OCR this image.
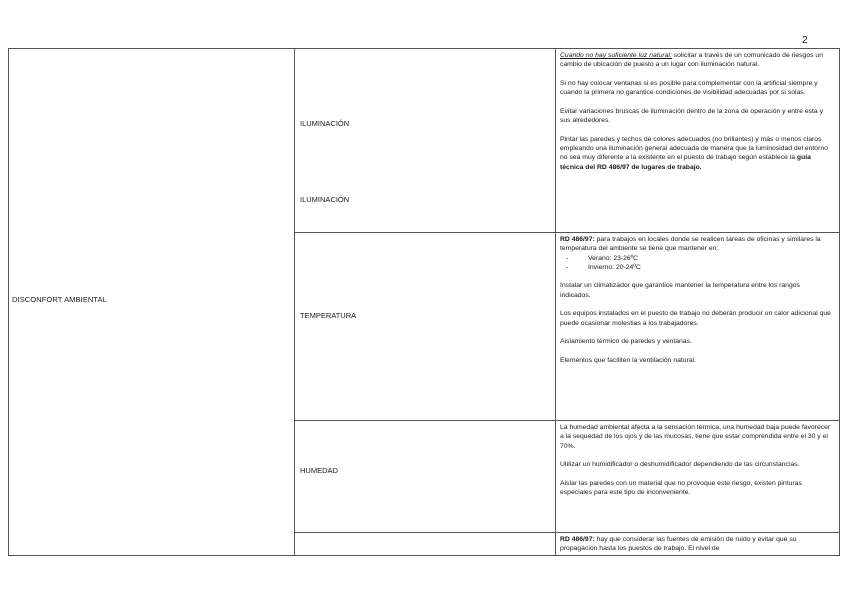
2
DISCONFORT AMBIENTAL
ILUMINACIÓN
ILUMINACIÓN
TEMPERATURA
HUMEDAD

Cuando no hay suficiente luz natural: solicitar a través de un comunicado de riesgos un cambio de ubicación de puesto a un lugar con iluminación natural.

Si no hay colocar ventanas si es posible para complementar con la artificial siempre y cuando la primera no garantice condiciones de visibilidad adecuadas por si solas.

Evitar variaciones bruscas de iluminación dentro de la zona de operación y entre esta y sus alrededores.

Pintar las paredes y techos de colores adecuados (no brillantes) y más o menos claros empleando una iluminación general adecuada de manera que la luminosidad del entorno no sea muy diferente a la existente en el puesto de trabajo según establece la guía técnica del RD 486/97 de lugares de trabajo.

RD 486/97: para trabajos en locales donde se realicen tareas de oficinas y similares la temperatura del ambiente se tiene que mantener en:

-	Verano: 23-26ºC
-	Invierno: 20-24ºC

Instalar un climatizador que garantice mantener la temperatura entre los rangos indicados.

Los equipos instalados en el puesto de trabajo no deberán producir un calor adicional que puede ocasionar molestias a los trabajadores.

Aislamiento térmico de paredes y ventanas.

Elementos que faciliten la ventilación natural.

La humedad ambiental afecta a la sensación térmica, una humedad baja puede favorecer a la sequedad de los ojos y de las mucosas, tiene que estar comprendida entre el 30 y el 70%.

Utilizar un humidificador o deshumidificador dependiendo de las circunstancias.

Aislar las paredes con un material que no provoque este riesgo, existen pinturas especiales para este tipo de inconveniente.

RD 486/97: hay que considerar las fuentes de emisión de ruido y evitar que su propagación hasta los puestos de trabajo. El nivel de
